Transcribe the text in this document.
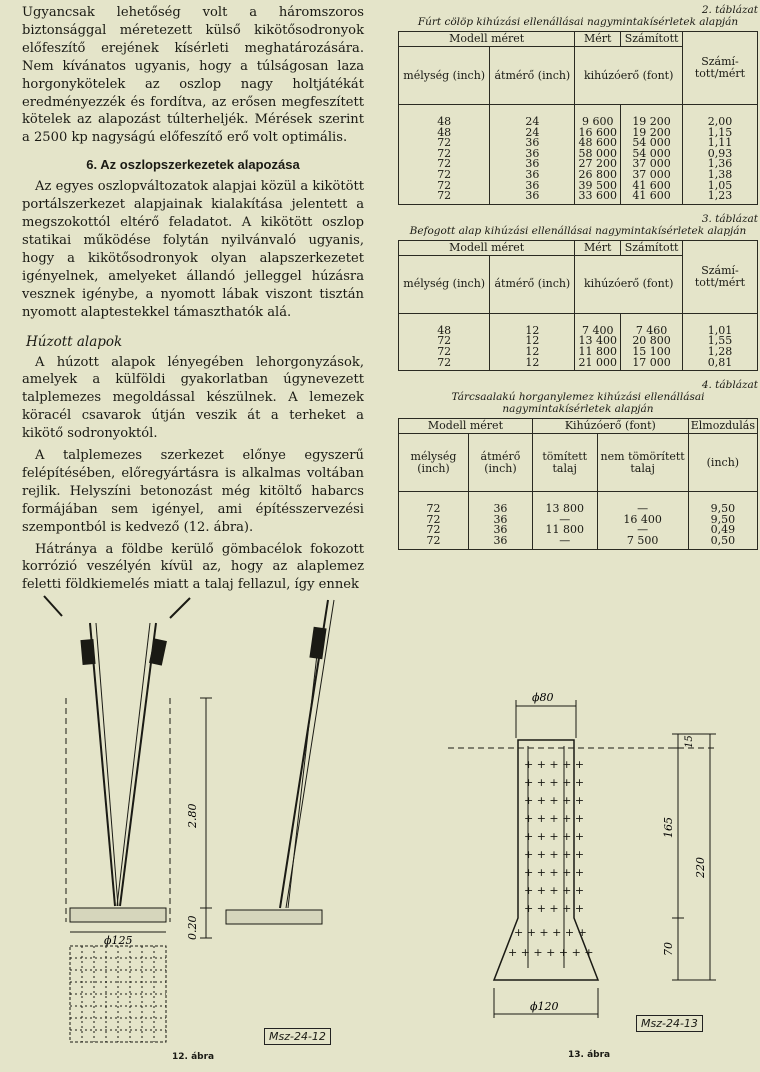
Ugyancsak lehetőség volt a háromszoros biztonsággal méretezett külső kikötősodronyok előfeszítő erejének kísérleti meghatározására. Nem kívánatos ugyanis, hogy a túlságosan laza horgonykötelek az oszlop nagy holtjátékát eredményezzék és fordítva, az erősen megfeszített kötelek az alapozást túlterheljék. Mérések szerint a 2500 kp nagyságú előfeszítő erő volt optimális.

6. Az oszlopszerkezetek alapozása

Az egyes oszlopváltozatok alapjai közül a kikötött portálszerkezet alapjainak kialakítása jelentett a megszokottól eltérő feladatot. A kikötött oszlop statikai működése folytán nyilvánvaló ugyanis, hogy a kikötősodronyok olyan alapszerkezetet igényelnek, amelyeket állandó jelleggel húzásra vesznek igénybe, a nyomott lábak viszont tisztán nyomott alaptestekkel támaszthatók alá.

Húzott alapok

A húzott alapok lényegében lehorgonyzások, amelyek a külföldi gyakorlatban úgynevezett talplemezes megoldással készülnek. A lemezek köracél csavarok útján veszik át a terheket a kikötő sodronyoktól.

A talplemezes szerkezet előnye egyszerű felépítésében, előregyártásra is alkalmas voltában rejlik. Helyszíni betonozást még kitöltő habarcs formájában sem igényel, ami építésszervezési szempontból is kedvező (12. ábra).

Hátránya a földbe kerülő gömbacélok fokozott korrózió veszélyén kívül az, hogy az alaplemez feletti földkiemelés miatt a talaj fellazul, így ennek

2. táblázat
Fúrt cölöp kihúzási ellenállásai nagymintakísérletek alapján
Modell méret		Mért	Számított	Számí-tott/mért
mélység (inch)	átmérő (inch)	kihúzóerő (font)		
48	24	9 600	19 200	2,00
48	24	16 600	19 200	1,15
72	36	48 600	54 000	1,11
72	36	58 000	54 000	0,93
72	36	27 200	37 000	1,36
72	36	26 800	37 000	1,38
72	36	39 500	41 600	1,05
72	36	33 600	41 600	1,23
3. táblázat
Befogott alap kihúzási ellenállásai nagymintakísérletek alapján
Modell méret		Mért	Számított	Számí-tott/mért
mélység (inch)	átmérő (inch)	kihúzóerő (font)		
48	12	7 400	7 460	1,01
72	12	13 400	20 800	1,55
72	12	11 800	15 100	1,28
72	12	21 000	17 000	0,81
4. táblázat
Tárcsaalakú horganylemez kihúzási ellenállásai nagymintakísérletek alapján
Modell méret		Kihúzóerő (font)		Elmozdulás
mélység (inch)	átmérő (inch)	tömített talaj	nem tömörített talaj	(inch)
72	36	13 800	—	9,50
72	36	—	16 400	9,50
72	36	11 800	—	0,49
72	36	—	7 500	0,50
2.80
0.20
ϕ125
Msz-24-12
12. ábra
+ + + + +
+ + + + +
+ + + + +
+ + + + +
+ + + + +
+ + + + +
+ + + + +
+ + + + +
+ + + + +
+ + + + + +
+ + + + + + +
ϕ80
15
165
220
70
ϕ120
Msz-24-13
13. ábra
